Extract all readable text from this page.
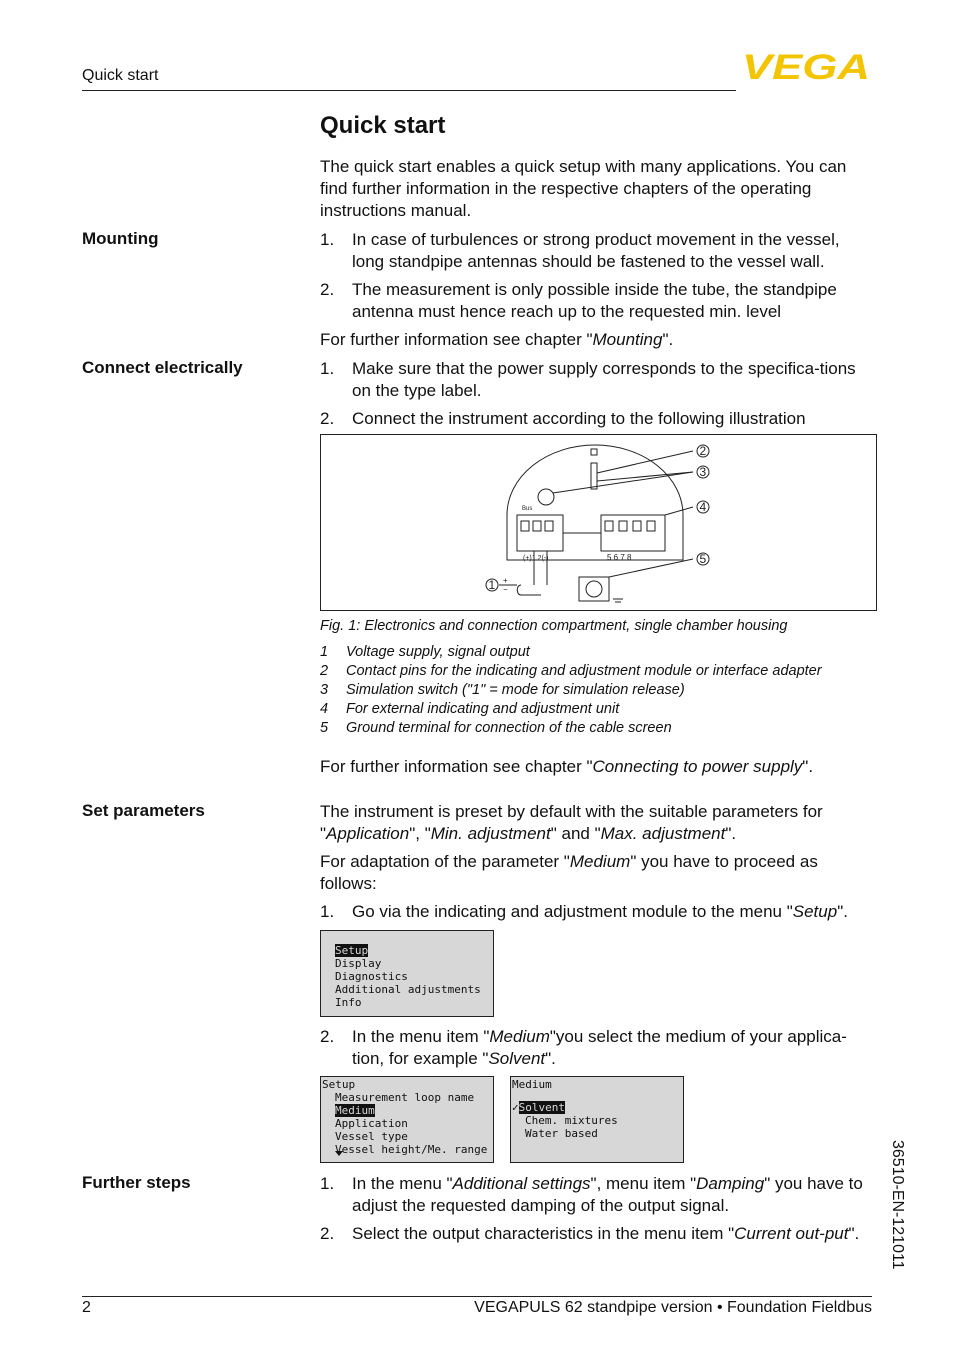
Quick start	VEGA
Quick start
The quick start enables a quick setup with many applications. You can find further information in the respective chapters of the operating instructions manual.
Mounting	1. In case of turbulences or strong product movement in the vessel, long standpipe antennas should be fastened to the vessel wall.
2. The measurement is only possible inside the tube, the standpipe antenna must hence reach up to the requested min. level
For further information see chapter "Mounting".
Connect electrically	1. Make sure that the power supply corresponds to the specifica-tions on the type label.
2. Connect the instrument according to the following illustration
2
3
4
5
1
Bus
(+)1 2(-)	5 6 7 8
+
−
Fig. 1: Electronics and connection compartment, single chamber housing
1 Voltage supply, signal output
2 Contact pins for the indicating and adjustment module or interface adapter
3 Simulation switch ("1" = mode for simulation release)
4 For external indicating and adjustment unit
5 Ground terminal for connection of the cable screen
For further information see chapter "Connecting to power supply".
Set parameters	The instrument is preset by default with the suitable parameters for "Application", "Min. adjustment" and "Max. adjustment".
For adaptation of the parameter "Medium" you have to proceed as follows:
1. Go via the indicating and adjustment module to the menu "Setup".
Setup
Display
Diagnostics
Additional adjustments
Info
2. In the menu item "Medium"you select the medium of your applica-tion, for example "Solvent".
Setup
Measurement loop name
Medium
Application
Vessel type
Vessel height/Me. range
Medium
✓Solvent
Chem. mixtures
Water based
Further steps	1. In the menu "Additional settings", menu item "Damping" you have to adjust the requested damping of the output signal.
2. Select the output characteristics in the menu item "Current out-put".	36510-EN-121011
2	VEGAPULS 62 standpipe version • Foundation Fieldbus
